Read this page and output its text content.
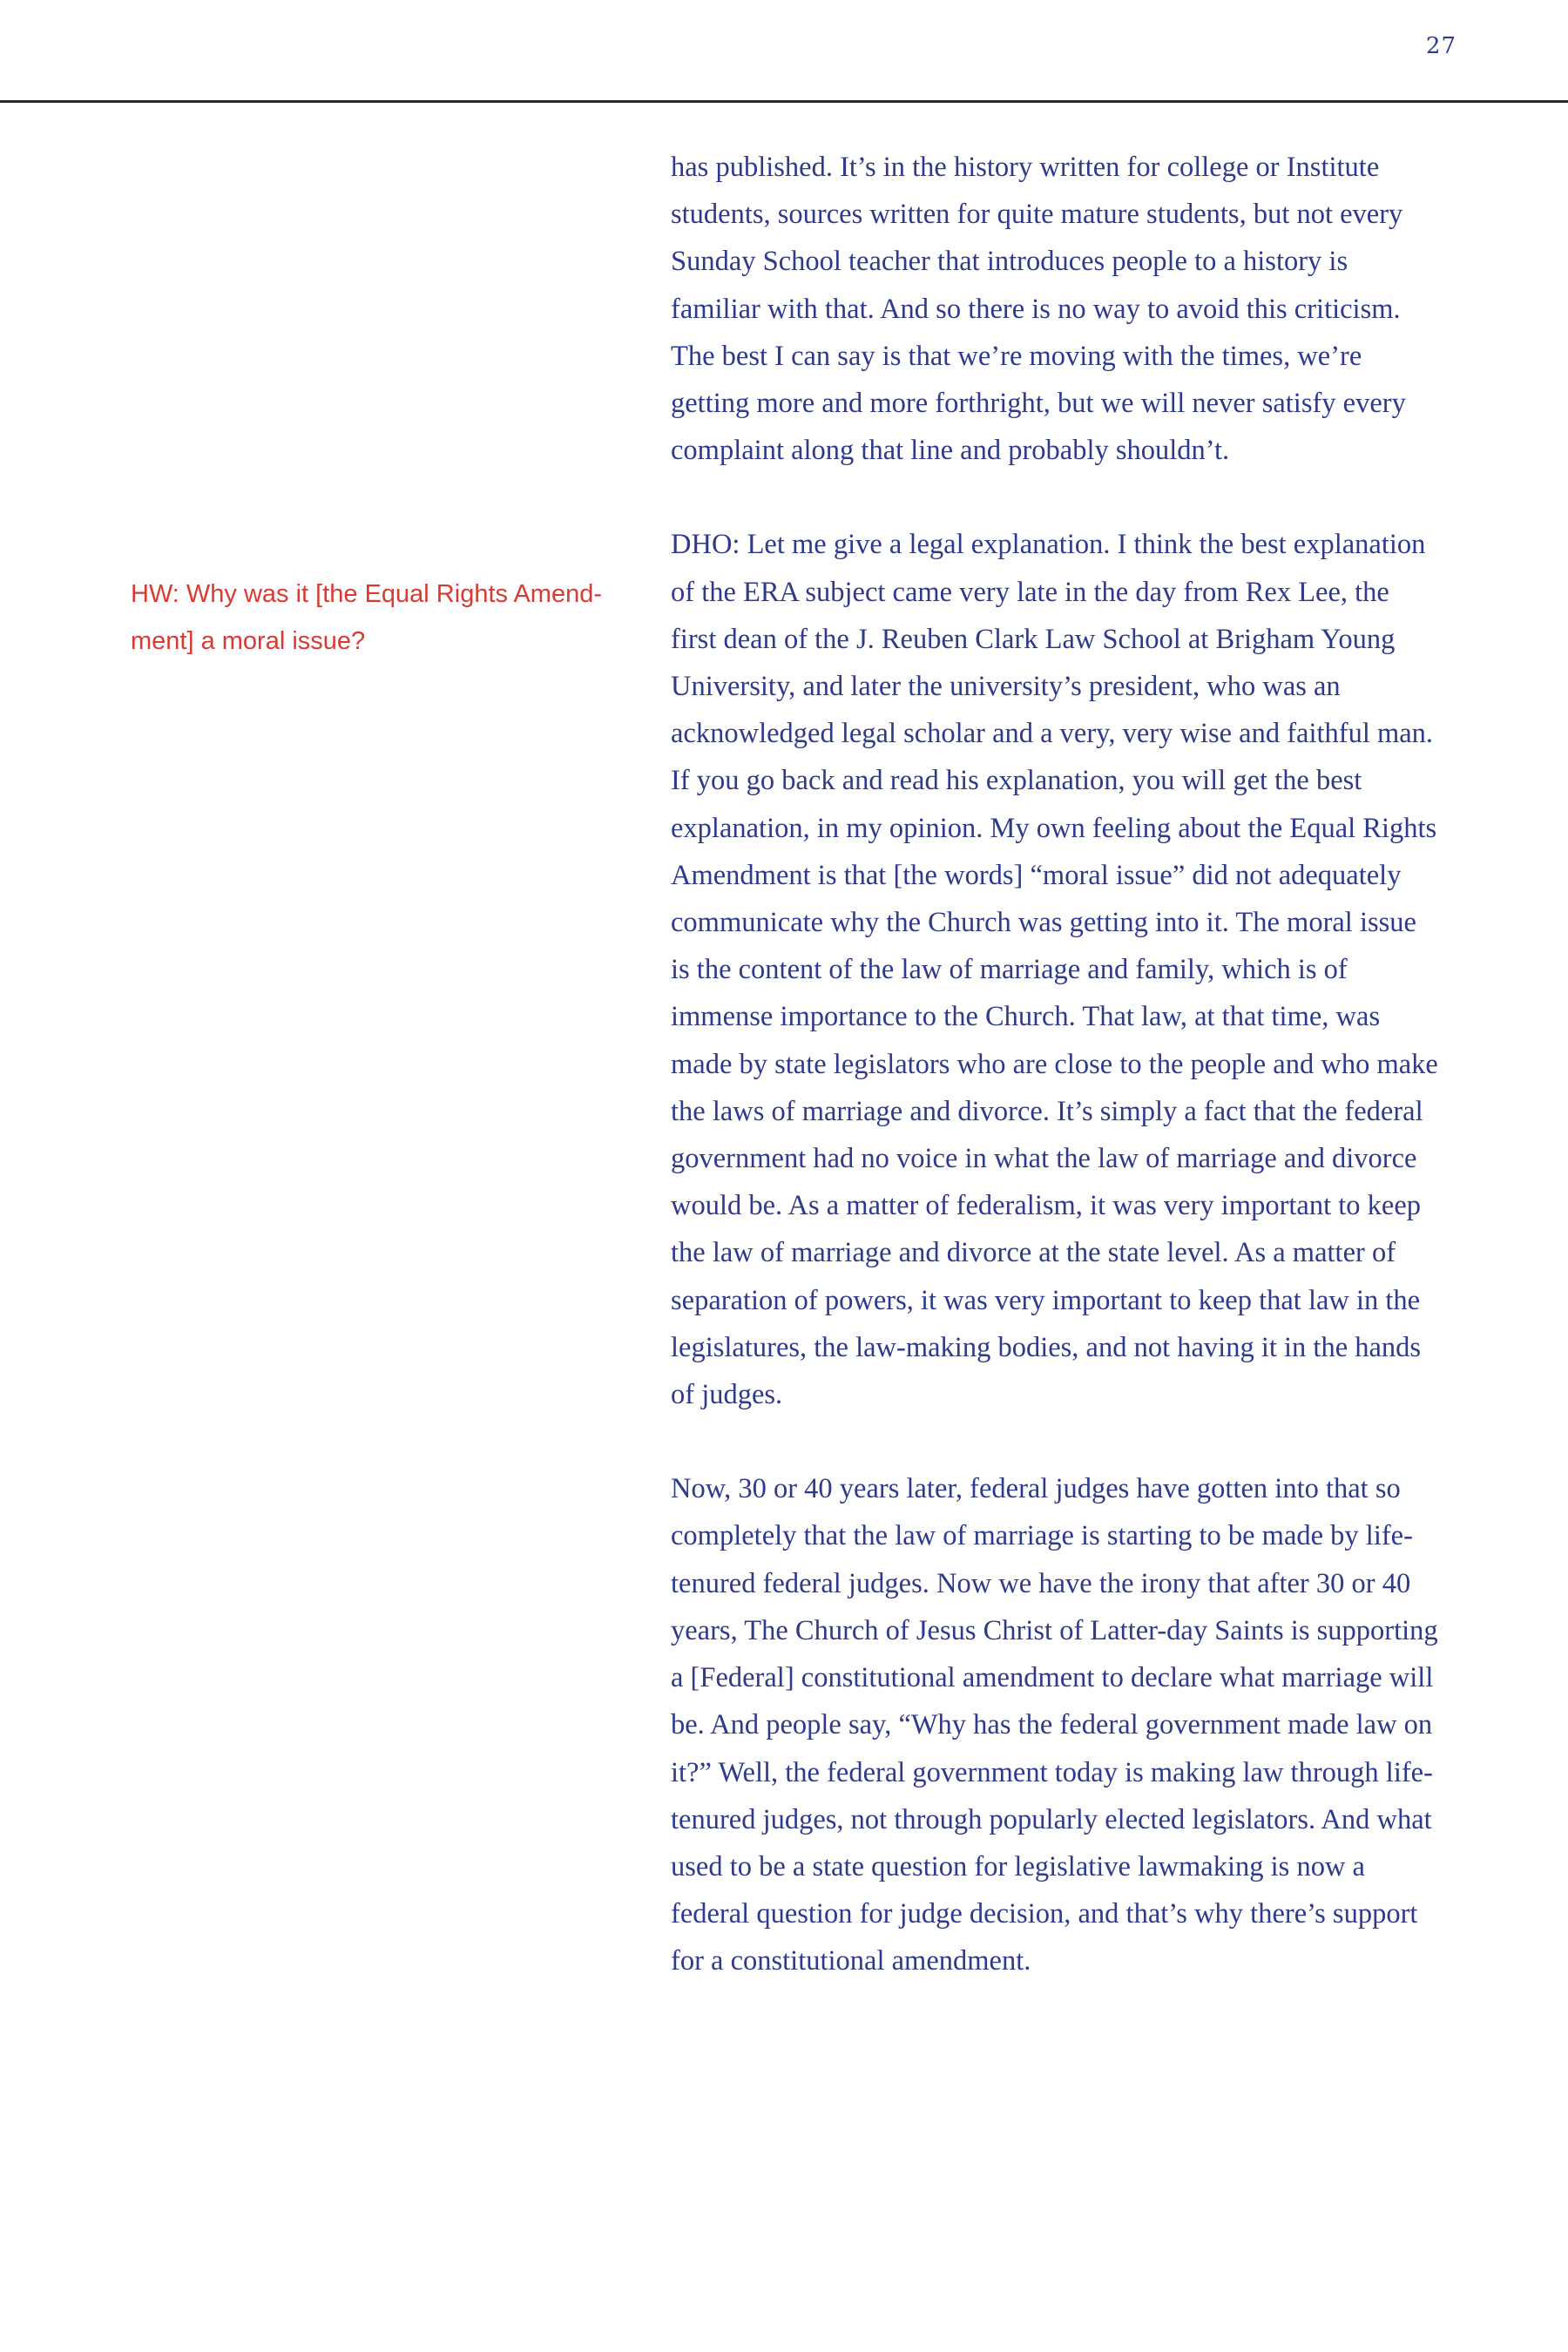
27

HW: Why was it [the Equal Rights Amendment] a moral issue?

has published. It’s in the history written for college or Institute students, sources written for quite mature students, but not every Sunday School teacher that introduces people to a history is familiar with that. And so there is no way to avoid this criticism. The best I can say is that we’re moving with the times, we’re getting more and more forthright, but we will never satisfy every complaint along that line and probably shouldn’t.

DHO: Let me give a legal explanation. I think the best explanation of the ERA subject came very late in the day from Rex Lee, the first dean of the J. Reuben Clark Law School at Brigham Young University, and later the university’s president, who was an acknowledged legal scholar and a very, very wise and faithful man. If you go back and read his explanation, you will get the best explanation, in my opinion. My own feeling about the Equal Rights Amendment is that [the words] “moral issue” did not adequately communicate why the Church was getting into it. The moral issue is the content of the law of marriage and family, which is of immense importance to the Church. That law, at that time, was made by state legislators who are close to the people and who make the laws of marriage and divorce. It’s simply a fact that the federal government had no voice in what the law of marriage and divorce would be. As a matter of federalism, it was very important to keep the law of marriage and divorce at the state level. As a matter of separation of powers, it was very important to keep that law in the legislatures, the law-making bodies, and not having it in the hands of judges.

Now, 30 or 40 years later, federal judges have gotten into that so completely that the law of marriage is starting to be made by life-tenured federal judges. Now we have the irony that after 30 or 40 years, The Church of Jesus Christ of Latter-day Saints is supporting a [Federal] constitutional amendment to declare what marriage will be. And people say, “Why has the federal government made law on it?” Well, the federal government today is making law through life-tenured judges, not through popularly elected legislators. And what used to be a state question for legislative lawmaking is now a federal question for judge decision, and that’s why there’s support for a constitutional amendment.
